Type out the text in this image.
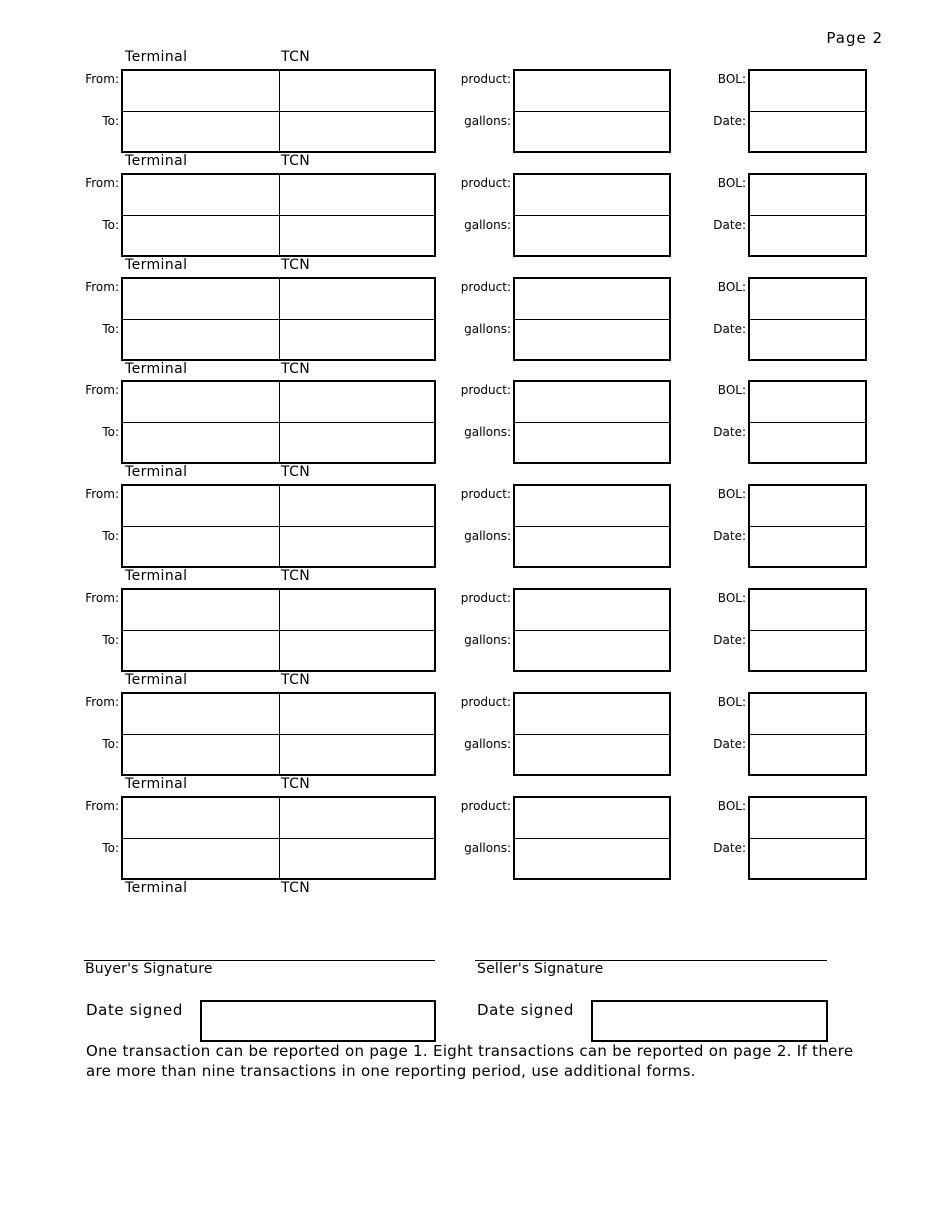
Page 2
Terminal	TCN
From:
To:
product:
gallons:
BOL:
Date:
Terminal	TCN
From:
To:
product:
gallons:
BOL:
Date:
Terminal	TCN
From:
To:
product:
gallons:
BOL:
Date:
Terminal	TCN
From:
To:
product:
gallons:
BOL:
Date:
Terminal	TCN
From:
To:
product:
gallons:
BOL:
Date:
Terminal	TCN
From:
To:
product:
gallons:
BOL:
Date:
Terminal	TCN
From:
To:
product:
gallons:
BOL:
Date:
Terminal	TCN
From:
To:
product:
gallons:
BOL:
Date:
Terminal	TCN
Buyer's Signature	Seller's Signature
Date signed	Date signed
One transaction can be reported on page 1. Eight transactions can be reported on page 2. If there are more than nine transactions in one reporting period, use additional forms.
